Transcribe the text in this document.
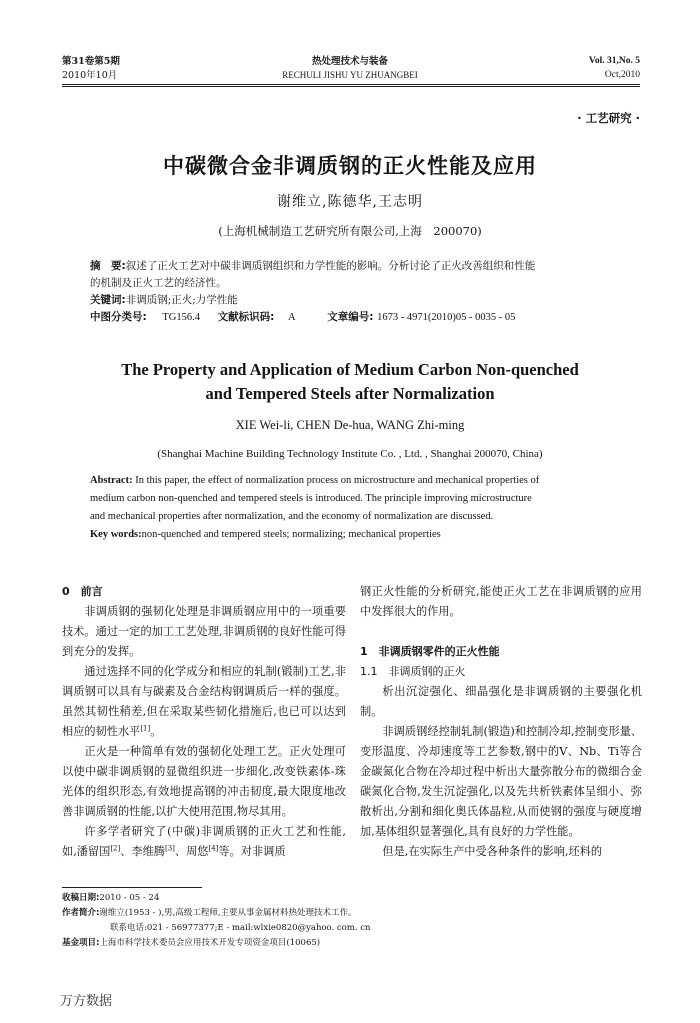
第31卷第5期
2010年10月
热处理技术与装备
RECHULI JISHU YU ZHUANGBEI
Vol. 31,No. 5
Oct,2010
· 工艺研究 ·
中碳微合金非调质钢的正火性能及应用
谢维立,陈德华,王志明
(上海机械制造工艺研究所有限公司,上海　200070)
摘　要:叙述了正火工艺对中碳非调质钢组织和力学性能的影响。分析讨论了正火改善组织和性能
的机制及正火工艺的经济性。
关键词:非调质钢;正火;力学性能
中图分类号: TG156.4 文献标识码: A	文章编号: 1673 - 4971(2010)05 - 0035 - 05
The Property and Application of Medium Carbon Non-quenched
and Tempered Steels after Normalization
XIE Wei-li, CHEN De-hua, WANG Zhi-ming
(Shanghai Machine Building Technology Institute Co. , Ltd. , Shanghai 200070, China)
Abstract: In this paper, the effect of normalization process on microstructure and mechanical properties of
medium carbon non-quenched and tempered steels is introduced. The principle improving microstructure
and mechanical properties after normalization, and the economy of normalization are discussed.
Key words:non-quenched and tempered steels; normalizing; mechanical properties

0　前言

非调质钢的强韧化处理是非调质钢应用中的一项重要技术。通过一定的加工工艺处理,非调质钢的良好性能可得到充分的发挥。

通过选择不同的化学成分和相应的轧制(锻制)工艺,非调质钢可以具有与碳素及合金结构钢调质后一样的强度。虽然其韧性稍差,但在采取某些韧化措施后,也已可以达到相应的韧性水平[1]。

正火是一种简单有效的强韧化处理工艺。正火处理可以使中碳非调质钢的显微组织进一步细化,改变铁素体-珠光体的组织形态,有效地提高钢的冲击韧度,最大限度地改善非调质钢的性能,以扩大使用范围,物尽其用。

许多学者研究了(中碳)非调质钢的正火工艺和性能,如,潘留国[2]、李维腾[3]、周悠[4]等。对非调质

钢正火性能的分析研究,能使正火工艺在非调质钢的应用中发挥很大的作用。

1　非调质钢零件的正火性能

1.1　非调质钢的正火

析出沉淀强化、细晶强化是非调质钢的主要强化机制。

非调质钢经控制轧制(锻造)和控制冷却,控制变形量、变形温度、冷却速度等工艺参数,钢中的V、Nb、Ti等合金碳氮化合物在冷却过程中析出大量弥散分布的微细合金碳氮化合物,发生沉淀强化,以及先共析铁素体呈细小、弥散析出,分割和细化奥氏体晶粒,从而使钢的强度与硬度增加,基体组织显著强化,具有良好的力学性能。

但是,在实际生产中受各种条件的影响,坯料的

收稿日期:2010 - 05 - 24
作者简介:谢维立(1953 - ),男,高级工程师,主要从事金属材料热处理技术工作。
联系电话:021 - 56977377;E - mail:wlxie0820@yahoo. com. cn
基金项目:上海市科学技术委员会应用技术开发专项资金项目(10065)
万方数据
